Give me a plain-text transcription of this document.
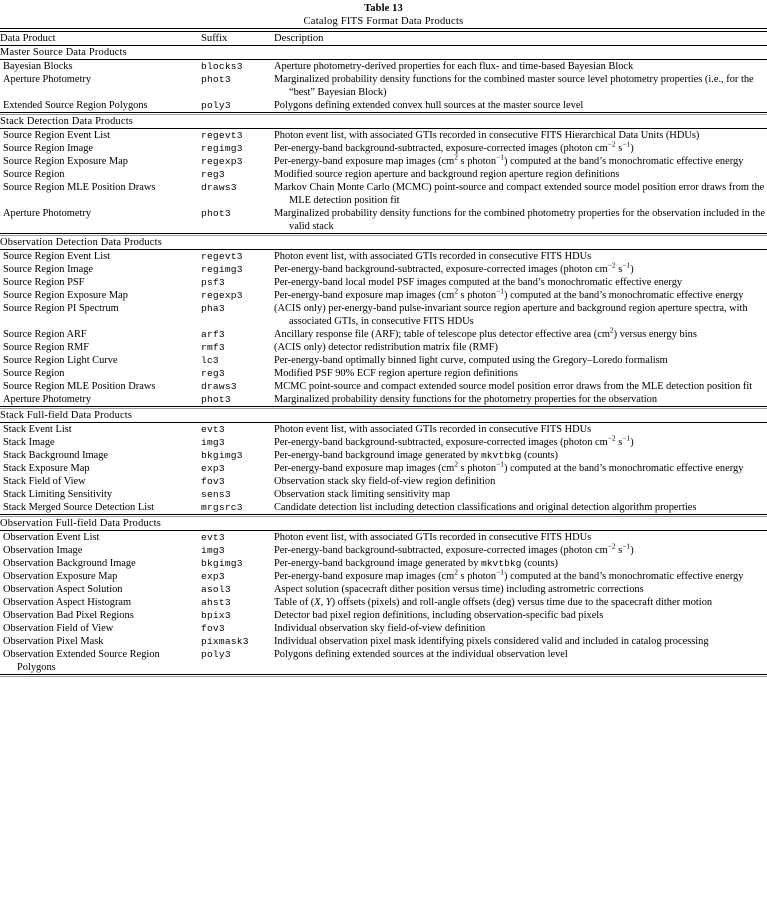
Table 13
Catalog FITS Format Data Products

Data Product	Suffix	Description

Master Source Data Products		

Bayesian Blocks	blocks3	Aperture photometry-derived properties for each flux- and time-based Bayesian Block

Aperture Photometry	phot3	Marginalized probability density functions for the combined master source level photometry properties (i.e., for the “best” Bayesian Block)

Extended Source Region Polygons	poly3	Polygons defining extended convex hull sources at the master source level

Stack Detection Data Products		

Source Region Event List	regevt3	Photon event list, with associated GTIs recorded in consecutive FITS Hierarchical Data Units (HDUs)

Source Region Image	regimg3	Per-energy-band background-subtracted, exposure-corrected images (photon $cm^{-2}$ $s^{-1}$)

Source Region Exposure Map	regexp3	Per-energy-band exposure map images ($cm^2$ s photon$^{-1}$) computed at the band’s monochromatic effective energy

Source Region	reg3	Modified source region aperture and background region aperture region definitions

Source Region MLE Position Draws	draws3	Markov Chain Monte Carlo (MCMC) point-source and compact extended source model position error draws from the MLE detection position fit

Aperture Photometry	phot3	Marginalized probability density functions for the combined photometry properties for the observation included in the valid stack

Observation Detection Data Products		

Source Region Event List	regevt3	Photon event list, with associated GTIs recorded in consecutive FITS HDUs

Source Region Image	regimg3	Per-energy-band background-subtracted, exposure-corrected images (photon $cm^{-2}$ $s^{-1}$)

Source Region PSF	psf3	Per-energy-band local model PSF images computed at the band’s monochromatic effective energy

Source Region Exposure Map	regexp3	Per-energy-band exposure map images ($cm^2$ s photon$^{-1}$) computed at the band’s monochromatic effective energy

Source Region PI Spectrum	pha3	(ACIS only) per-energy-band pulse-invariant source region aperture and background region aperture spectra, with associated GTIs, in consecutive FITS HDUs

Source Region ARF	arf3	Ancillary response file (ARF); table of telescope plus detector effective area $(cm^2)$ versus energy bins

Source Region RMF	rmf3	(ACIS only) detector redistribution matrix file (RMF)

Source Region Light Curve	lc3	Per-energy-band optimally binned light curve, computed using the Gregory–Loredo formalism

Source Region	reg3	Modified PSF 90% ECF region aperture region definitions

Source Region MLE Position Draws	draws3	MCMC point-source and compact extended source model position error draws from the MLE detection position fit

Aperture Photometry	phot3	Marginalized probability density functions for the photometry properties for the observation

Stack Full-field Data Products		

Stack Event List	evt3	Photon event list, with associated GTIs recorded in consecutive FITS HDUs

Stack Image	img3	Per-energy-band background-subtracted, exposure-corrected images (photon $cm^{-2}$ $s^{-1}$)

Stack Background Image	bkgimg3	Per-energy-band background image generated by mkvtbkg (counts)

Stack Exposure Map	exp3	Per-energy-band exposure map images ($cm^2$ s photon$^{-1}$) computed at the band’s monochromatic effective energy

Stack Field of View	fov3	Observation stack sky field-of-view region definition

Stack Limiting Sensitivity	sens3	Observation stack limiting sensitivity map

Stack Merged Source Detection List	mrgsrc3	Candidate detection list including detection classifications and original detection algorithm properties

Observation Full-field Data Products		

Observation Event List	evt3	Photon event list, with associated GTIs recorded in consecutive FITS HDUs

Observation Image	img3	Per-energy-band background-subtracted, exposure-corrected images (photon $cm^{-2}$ $s^{-1}$)

Observation Background Image	bkgimg3	Per-energy-band background image generated by mkvtbkg (counts)

Observation Exposure Map	exp3	Per-energy-band exposure map images ($cm^2$ s photon$^{-1}$) computed at the band’s monochromatic effective energy

Observation Aspect Solution	asol3	Aspect solution (spacecraft dither position versus time) including astrometric corrections

Observation Aspect Histogram	ahst3	Table of (X, Y) offsets (pixels) and roll-angle offsets (deg) versus time due to the spacecraft dither motion

Observation Bad Pixel Regions	bpix3	Detector bad pixel region definitions, including observation-specific bad pixels

Observation Field of View	fov3	Individual observation sky field-of-view definition

Observation Pixel Mask	pixmask3	Individual observation pixel mask identifying pixels considered valid and included in catalog processing

Observation Extended Source Region Polygons	poly3	Polygons defining extended sources at the individual observation level
